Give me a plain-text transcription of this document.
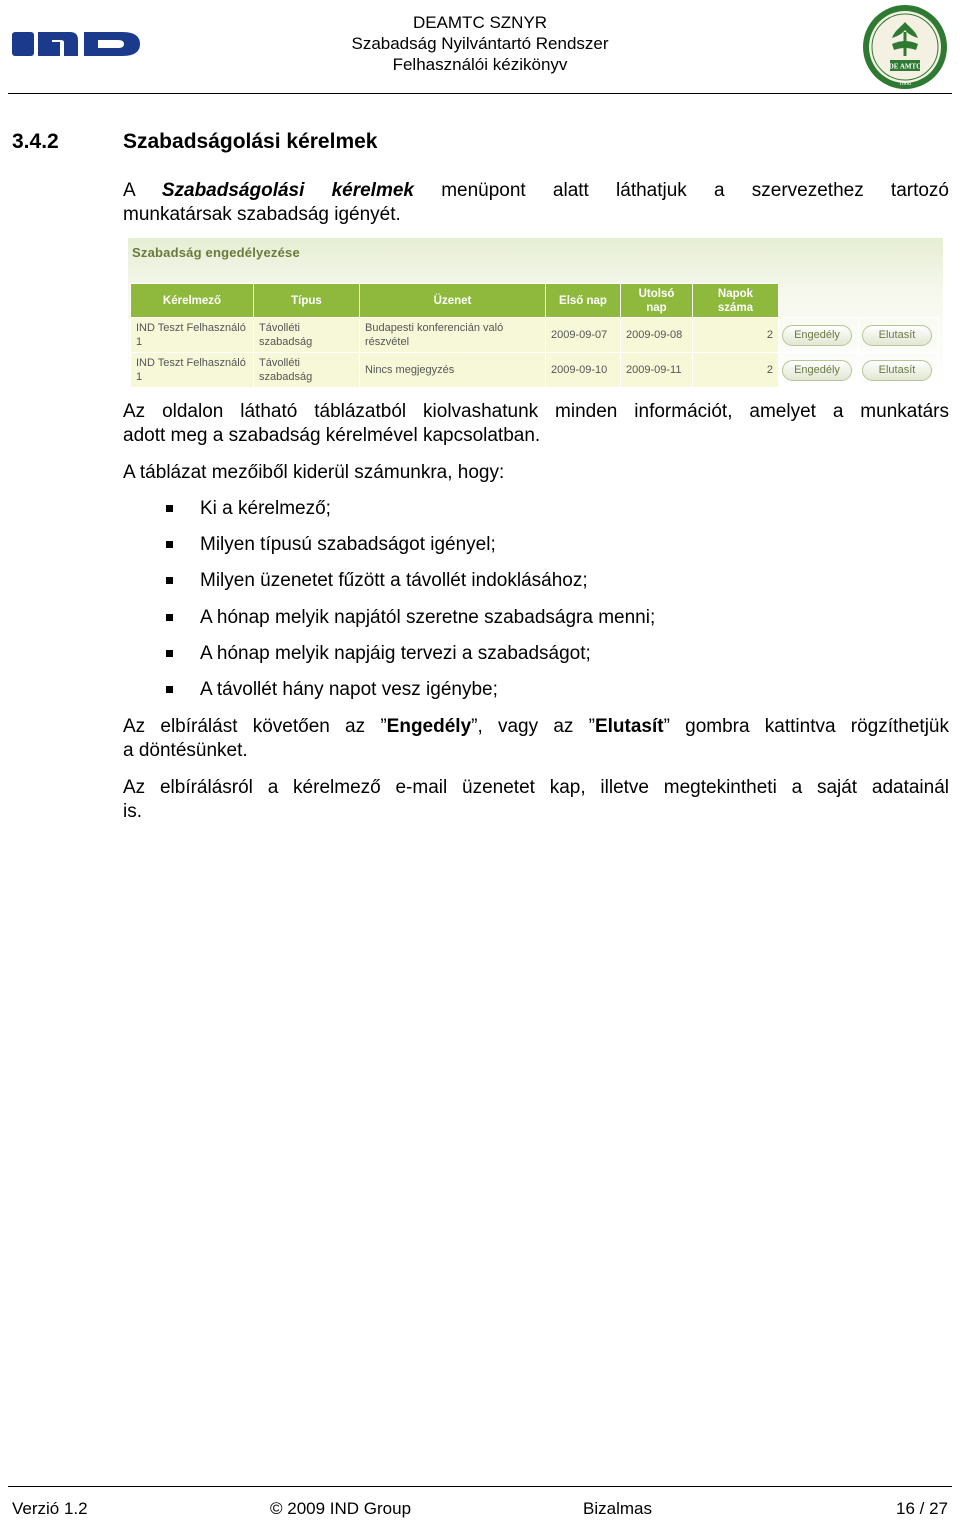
DEAMTC SZNYR
Szabadság Nyilvántartó Rendszer
Felhasználói kézikönyv	DE AMTC
1868
3.4.2	Szabadságolási kérelmek
A Szabadságolási kérelmek menüpont alatt láthatjuk a szervezethez tartozó
munkatársak szabadság igényét.
Szabadság engedélyezése
Kérelmező	Típus	Üzenet	Első nap	Utolsó nap	Napok száma		
IND Teszt Felhasználó 1	Távolléti szabadság	Budapesti konferencián való részvétel	2009-09-07	2009-09-08	2	Engedély	Elutasít
IND Teszt Felhasználó 1	Távolléti szabadság	Nincs megjegyzés	2009-09-10	2009-09-11	2	Engedély	Elutasít
Az oldalon látható táblázatból kiolvashatunk minden információt, amelyet a munkatárs
adott meg a szabadság kérelmével kapcsolatban.
A táblázat mezőiből kiderül számunkra, hogy:
Ki a kérelmező;
Milyen típusú szabadságot igényel;
Milyen üzenetet fűzött a távollét indoklásához;
A hónap melyik napjától szeretne szabadságra menni;
A hónap melyik napjáig tervezi a szabadságot;
A távollét hány napot vesz igénybe;
Az elbírálást követően az ”Engedély”, vagy az ”Elutasít” gombra kattintva rögzíthetjük
a döntésünket.
Az elbírálásról a kérelmező e-mail üzenetet kap, illetve megtekintheti a saját adatainál
is.
Verzió 1.2	© 2009 IND Group	Bizalmas	16 / 27
